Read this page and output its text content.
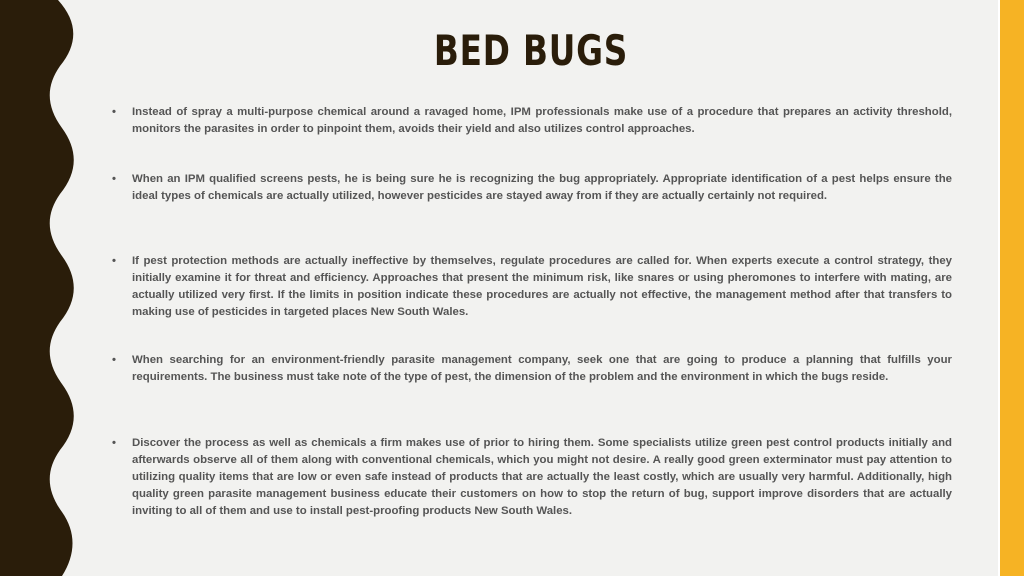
BED BUGS
• Instead of spray a multi-purpose chemical around a ravaged home, IPM professionals make use of a procedure that prepares an activity threshold, monitors the parasites in order to pinpoint them, avoids their yield and also utilizes control approaches.
• When an IPM qualified screens pests, he is being sure he is recognizing the bug appropriately. Appropriate identification of a pest helps ensure the ideal types of chemicals are actually utilized, however pesticides are stayed away from if they are actually certainly not required.
• If pest protection methods are actually ineffective by themselves, regulate procedures are called for. When experts execute a control strategy, they initially examine it for threat and efficiency. Approaches that present the minimum risk, like snares or using pheromones to interfere with mating, are actually utilized very first. If the limits in position indicate these procedures are actually not effective, the management method after that transfers to making use of pesticides in targeted places New South Wales.
• When searching for an environment-friendly parasite management company, seek one that are going to produce a planning that fulfills your requirements. The business must take note of the type of pest, the dimension of the problem and the environment in which the bugs reside.
• Discover the process as well as chemicals a firm makes use of prior to hiring them. Some specialists utilize green pest control products initially and afterwards observe all of them along with conventional chemicals, which you might not desire. A really good green exterminator must pay attention to utilizing quality items that are low or even safe instead of products that are actually the least costly, which are usually very harmful. Additionally, high quality green parasite management business educate their customers on how to stop the return of bug, support improve disorders that are actually inviting to all of them and use to install pest-proofing products New South Wales.
